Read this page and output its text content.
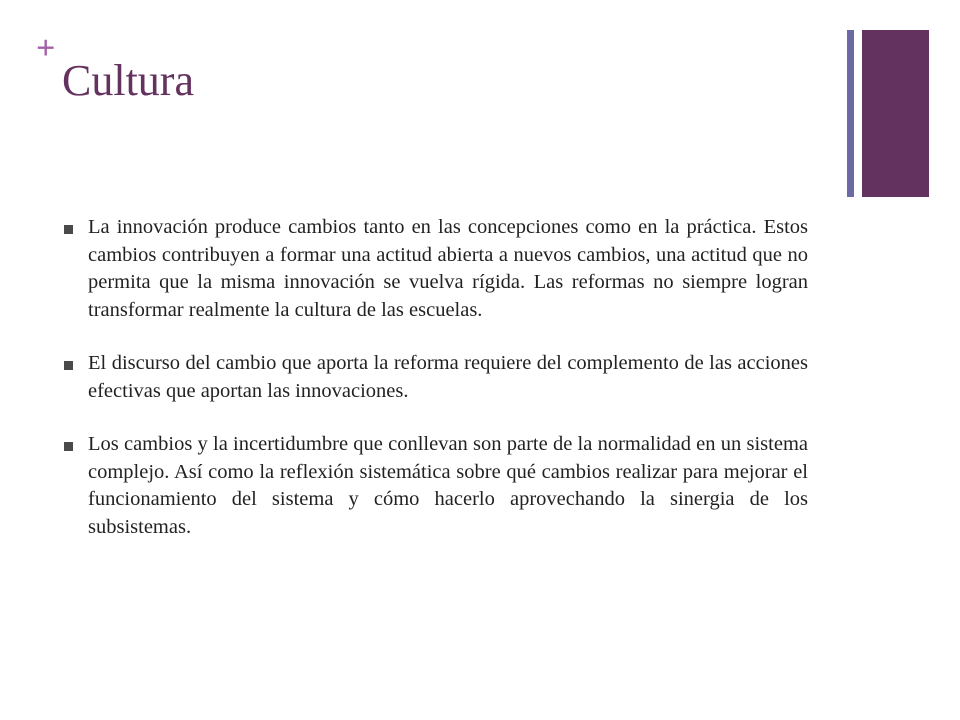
+
Cultura
La innovación produce cambios tanto en las concepciones como en la práctica. Estos cambios contribuyen a formar una actitud abierta a nuevos cambios, una actitud que no permita que la misma innovación se vuelva rígida. Las reformas no siempre logran transformar realmente la cultura de las escuelas.
El discurso del cambio que aporta la reforma requiere del complemento de las acciones efectivas que aportan las innovaciones.
Los cambios y la incertidumbre que conllevan son parte de la normalidad en un sistema complejo. Así como la reflexión sistemática sobre qué cambios realizar para mejorar el funcionamiento del sistema y cómo hacerlo aprovechando la sinergia de los subsistemas.
